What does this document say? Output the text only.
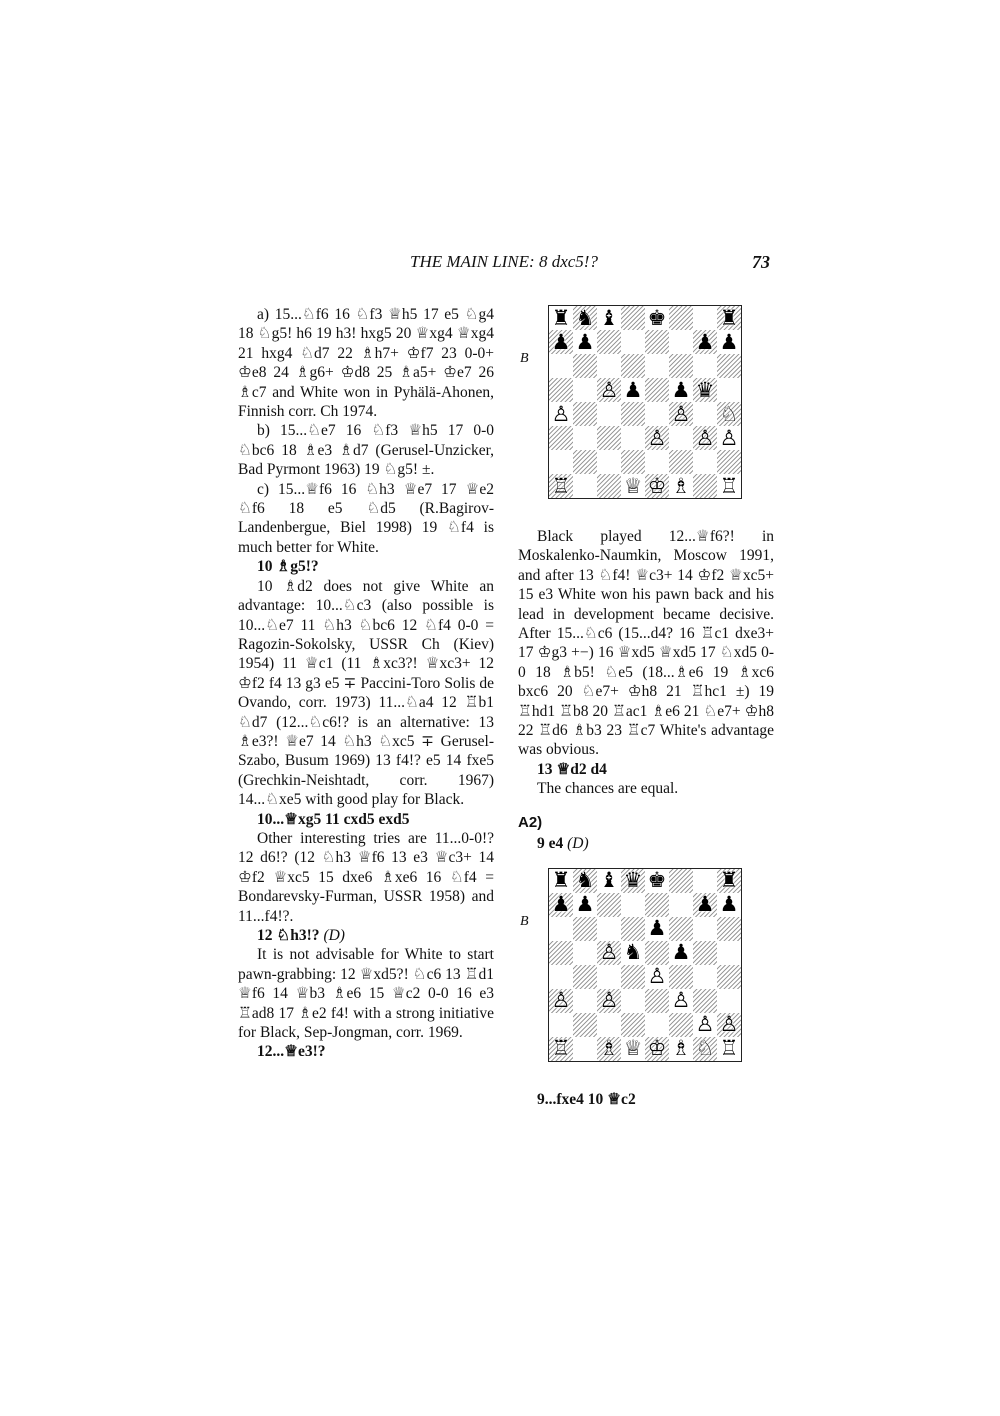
THE MAIN LINE: 8 dxc5!?	73

a) 15...♘f6 16 ♘f3 ♕h5 17 e5 ♘g4 18 ♘g5! h6 19 h3! hxg5 20 ♕xg4 ♕xg4 21 hxg4 ♘d7 22 ♗h7+ ♔f7 23 0-0+ ♔e8 24 ♗g6+ ♔d8 25 ♗a5+ ♔e7 26 ♗c7 and White won in Pyhälä-Ahonen, Finnish corr. Ch 1974.

b) 15...♘e7 16 ♘f3 ♕h5 17 0-0 ♘bc6 18 ♗e3 ♗d7 (Gerusel-Unzicker, Bad Pyrmont 1963) 19 ♘g5! ±.

c) 15...♕f6 16 ♘h3 ♕e7 17 ♕e2 ♘f6 18 e5 ♘d5 (R.Bagirov-Landenbergue, Biel 1998) 19 ♘f4 is much better for White.

10 ♗g5!?

10 ♗d2 does not give White an advantage: 10...♘c3 (also possible is 10...♘e7 11 ♘h3 ♘bc6 12 ♘f4 0-0 = Ragozin-Sokolsky, USSR Ch (Kiev) 1954) 11 ♕c1 (11 ♗xc3?! ♕xc3+ 12 ♔f2 f4 13 g3 e5 ∓ Paccini-Toro Solis de Ovando, corr. 1973) 11...♘a4 12 ♖b1 ♘d7 (12...♘c6!? is an alternative: 13 ♗e3?! ♕e7 14 ♘h3 ♘xc5 ∓ Gerusel-Szabo, Busum 1969) 13 f4!? e5 14 fxe5 (Grechkin-Neishtadt, corr. 1967) 14...♘xe5 with good play for Black.

10...♕xg5 11 cxd5 exd5

Other interesting tries are 11...0-0!? 12 d6!? (12 ♘h3 ♕f6 13 e3 ♕c3+ 14 ♔f2 ♕xc5 15 dxe6 ♗xe6 16 ♘f4 = Bondarevsky-Furman, USSR 1958) and 11...f4!?.

12 ♘h3!? (D)

It is not advisable for White to start pawn-grabbing: 12 ♕xd5?! ♘c6 13 ♖d1 ♕f6 14 ♕b3 ♗e6 15 ♕c2 0-0 16 e3 ♖ad8 17 ♗e2 f4! with a strong initiative for Black, Sep-Jongman, corr. 1969.

12...♕e3!?

B
♜ ♞ ♝ ♚	♜
♟ ♟	♟ ♟
♙ ♟ ♟ ♛
♙	♙ ♘
♙ ♙ ♙
♖	♕ ♔ ♗ ♖

Black played 12...♕f6?! in Moskalenko-Naumkin, Moscow 1991, and after 13 ♘f4! ♕c3+ 14 ♔f2 ♕xc5+ 15 e3 White won his pawn back and his lead in development became decisive. After 15...♘c6 (15...d4? 16 ♖c1 dxe3+ 17 ♔g3 +−) 16 ♕xd5 ♕xd5 17 ♘xd5 0-0 18 ♗b5! ♘e5 (18...♗e6 19 ♗xc6 bxc6 20 ♘e7+ ♔h8 21 ♖hc1 ±) 19 ♖hd1 ♖b8 20 ♖ac1 ♗e6 21 ♘e7+ ♔h8 22 ♖d6 ♗b3 23 ♖c7 White's advantage was obvious.

13 ♕d2 d4

The chances are equal.

A2)

9 e4 (D)

B
♜ ♞ ♝ ♛ ♚	♜
♟ ♟	♟ ♟
♟
♙ ♞ ♟
♙
♙ ♙	♙
♙ ♙
♖ ♗ ♕ ♔ ♗ ♘ ♖

9...fxe4 10 ♕c2
